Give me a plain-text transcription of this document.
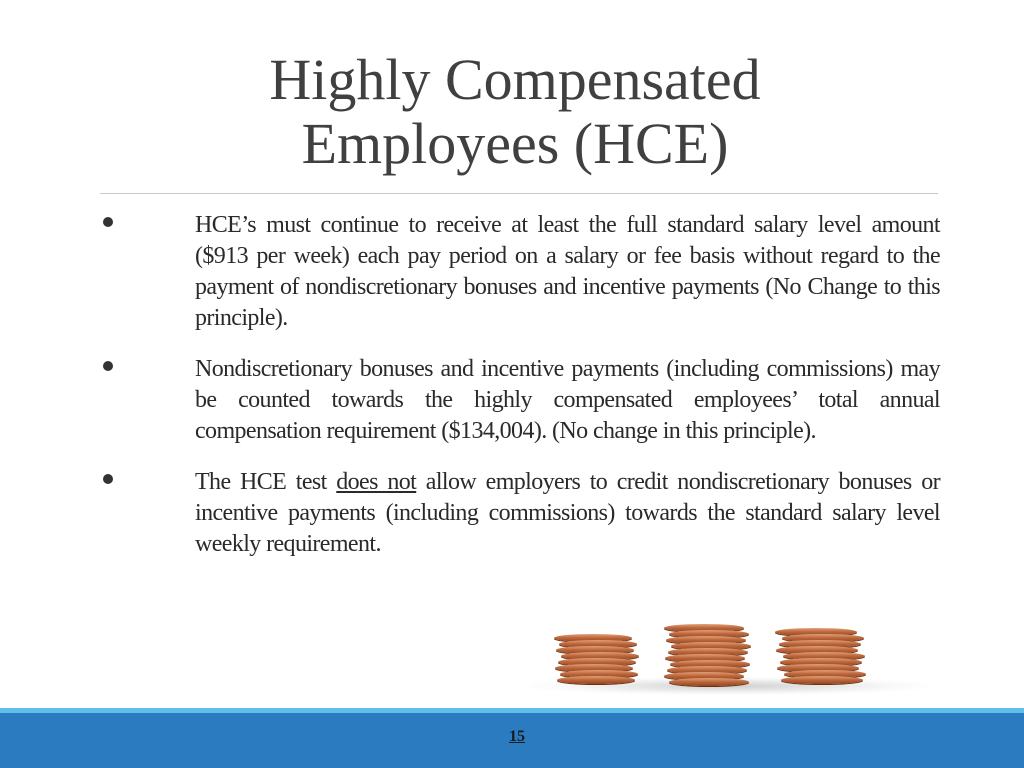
Highly Compensated
Employees (HCE)
HCE’s must continue to receive at least the full standard salary level amount ($913 per week) each pay period on a salary or fee basis without regard to the payment of nondiscretionary bonuses and incentive payments (No Change to this principle).
Nondiscretionary bonuses and incentive payments (including commissions) may be counted towards the highly compensated employees’ total annual compensation requirement ($134,004). (No change in this principle).
The HCE test does not allow employers to credit nondiscretionary bonuses or incentive payments (including commissions) towards the standard salary level weekly requirement.
15
